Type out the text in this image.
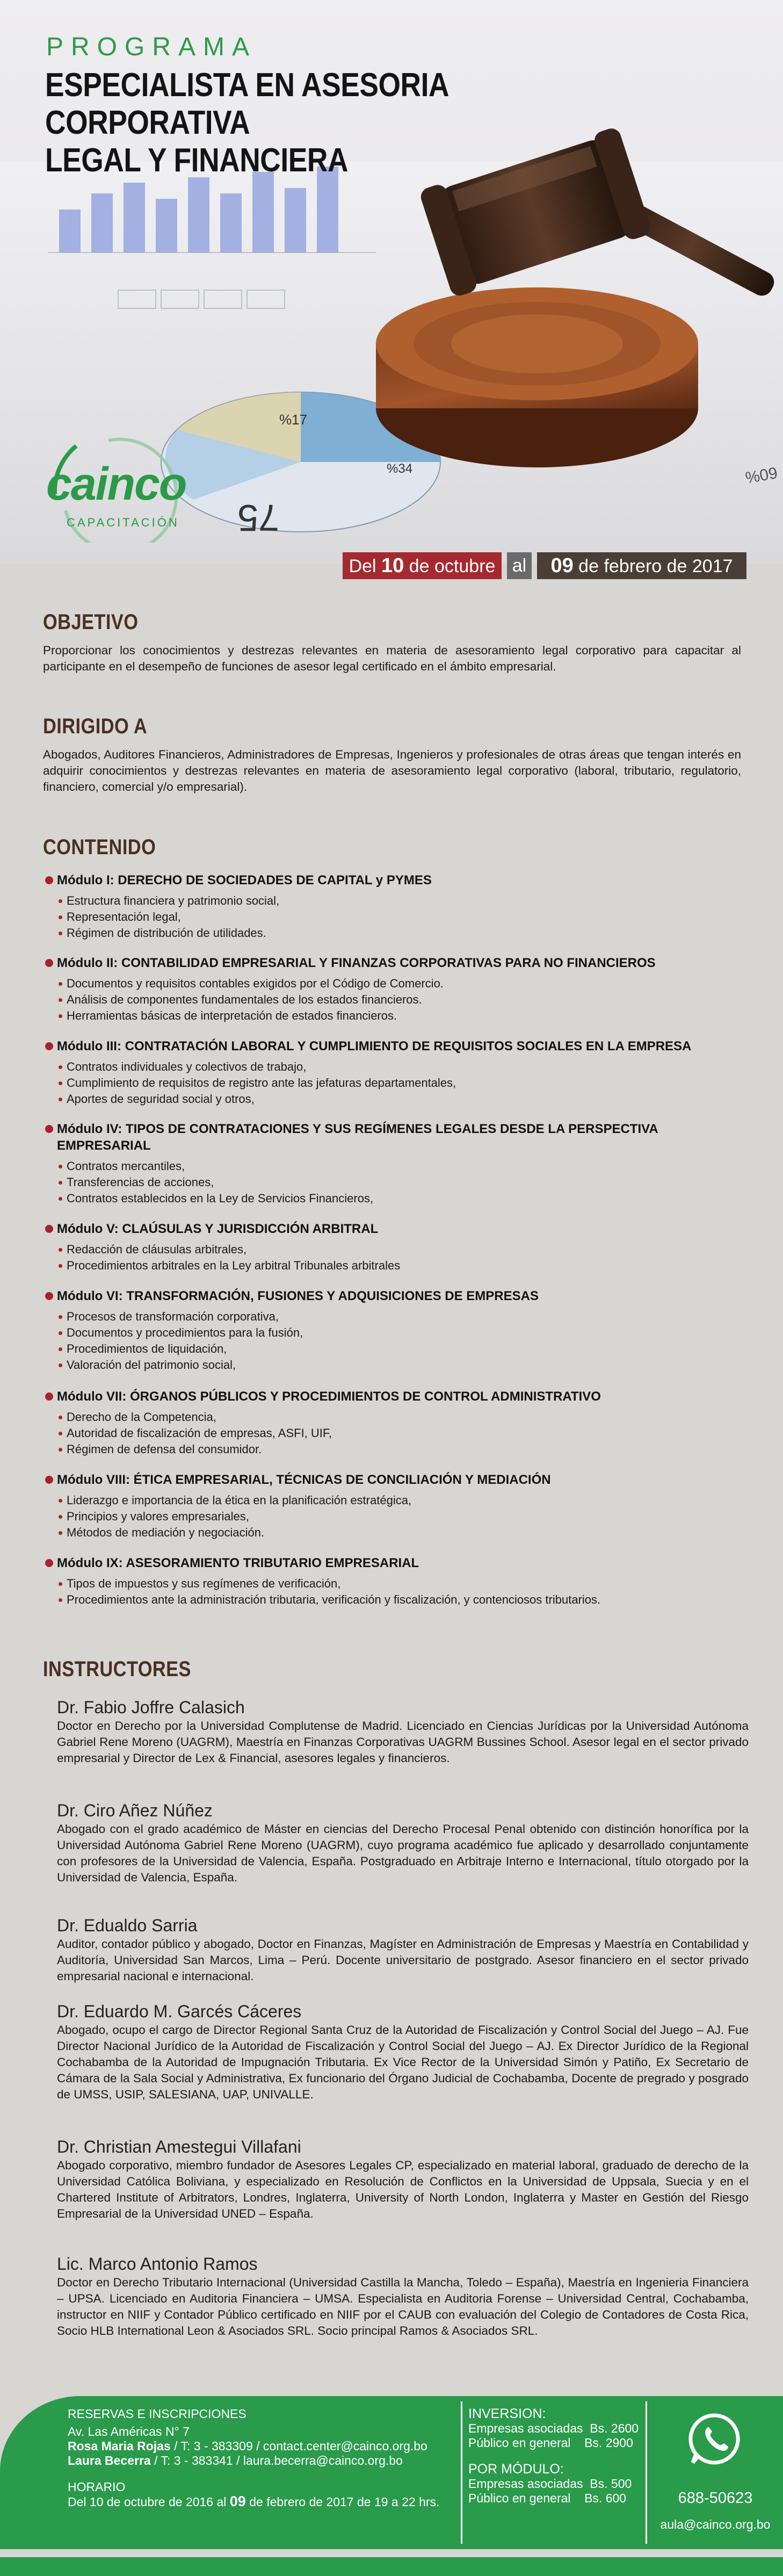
%17
%34
75
%09
PROGRAMA
ESPECIALISTA EN ASESORIA CORPORATIVA
LEGAL Y FINANCIERA
cainco
CAPACITACIÓN
Del 10 de octubre al	09 de febrero de 2017
OBJETIVO
Proporcionar los conocimientos y destrezas relevantes en materia de asesoramiento legal corporativo para capacitar al participante en el desempeño de funciones de asesor legal certificado en el ámbito empresarial.
DIRIGIDO A
Abogados, Auditores Financieros, Administradores de Empresas, Ingenieros y profesionales de otras áreas que tengan interés en adquirir conocimientos y destrezas relevantes en materia de asesoramiento legal corporativo (laboral, tributario, regulatorio, financiero, comercial y/o empresarial).
CONTENIDO
Módulo I: DERECHO DE SOCIEDADES DE CAPITAL y PYMES
Estructura financiera y patrimonio social,
Representación legal,
Régimen de distribución de utilidades.
Módulo II: CONTABILIDAD EMPRESARIAL Y FINANZAS CORPORATIVAS PARA NO FINANCIEROS
Documentos y requisitos contables exigidos por el Código de Comercio.
Análisis de componentes fundamentales de los estados financieros.
Herramientas básicas de interpretación de estados financieros.
Módulo III: CONTRATACIÓN LABORAL Y CUMPLIMIENTO DE REQUISITOS SOCIALES EN LA EMPRESA
Contratos individuales y colectivos de trabajo,
Cumplimiento de requisitos de registro ante las jefaturas departamentales,
Aportes de seguridad social y otros,
Módulo IV: TIPOS DE CONTRATACIONES Y SUS REGÍMENES LEGALES DESDE LA PERSPECTIVA EMPRESARIAL
Contratos mercantiles,
Transferencias de acciones,
Contratos establecidos en la Ley de Servicios Financieros,
Módulo V: CLAÚSULAS Y JURISDICCIÓN ARBITRAL
Redacción de cláusulas arbitrales,
Procedimientos arbitrales en la Ley arbitral Tribunales arbitrales
Módulo VI: TRANSFORMACIÓN, FUSIONES Y ADQUISICIONES DE EMPRESAS
Procesos de transformación corporativa,
Documentos y procedimientos para la fusión,
Procedimientos de liquidación,
Valoración del patrimonio social,
Módulo VII: ÓRGANOS PÚBLICOS Y PROCEDIMIENTOS DE CONTROL ADMINISTRATIVO
Derecho de la Competencia,
Autoridad de fiscalización de empresas, ASFI, UIF,
Régimen de defensa del consumidor.
Módulo VIII: ÉTICA EMPRESARIAL, TÉCNICAS DE CONCILIACIÓN Y MEDIACIÓN
Liderazgo e importancia de la ética en la planificación estratégica,
Principios y valores empresariales,
Métodos de mediación y negociación.
Módulo IX: ASESORAMIENTO TRIBUTARIO EMPRESARIAL
Tipos de impuestos y sus regímenes de verificación,
Procedimientos ante la administración tributaria, verificación y fiscalización, y contenciosos tributarios.
INSTRUCTORES
Dr. Fabio Joffre Calasich
Doctor en Derecho por la Universidad Complutense de Madrid. Licenciado en Ciencias Jurídicas por la Universidad Autónoma Gabriel Rene Moreno (UAGRM), Maestría en Finanzas Corporativas UAGRM Bussines School. Asesor legal en el sector privado empresarial y Director de Lex & Financial, asesores legales y financieros.
Dr. Ciro Añez Núñez
Abogado con el grado académico de Máster en ciencias del Derecho Procesal Penal obtenido con distinción honorífica por la Universidad Autónoma Gabriel Rene Moreno (UAGRM), cuyo programa académico fue aplicado y desarrollado conjuntamente con profesores de la Universidad de Valencia, España. Postgraduado en Arbitraje Interno e Internacional, título otorgado por la Universidad de Valencia, España.
Dr. Edualdo Sarria
Auditor, contador público y abogado, Doctor en Finanzas, Magíster en Administración de Empresas y Maestría en Contabilidad y Auditoría, Universidad San Marcos, Lima – Perú. Docente universitario de postgrado. Asesor financiero en el sector privado empresarial nacional e internacional.
Dr. Eduardo M. Garcés Cáceres
Abogado, ocupo el cargo de Director Regional Santa Cruz de la Autoridad de Fiscalización y Control Social del Juego – AJ. Fue Director Nacional Jurídico de la Autoridad de Fiscalización y Control Social del Juego – AJ. Ex Director Jurídico de la Regional Cochabamba de la Autoridad de Impugnación Tributaria. Ex Vice Rector de la Universidad Simón y Patiño, Ex Secretario de Cámara de la Sala Social y Administrativa, Ex funcionario del Órgano Judicial de Cochabamba, Docente de pregrado y posgrado de UMSS, USIP, SALESIANA, UAP, UNIVALLE.
Dr. Christian Amestegui Villafani
Abogado corporativo, miembro fundador de Asesores Legales CP, especializado en material laboral, graduado de derecho de la Universidad Católica Boliviana, y especializado en Resolución de Conflictos en la Universidad de Uppsala, Suecia y en el Chartered Institute of Arbitrators, Londres, Inglaterra, University of North London, Inglaterra y Master en Gestión del Riesgo Empresarial de la Universidad UNED – España.
Lic. Marco Antonio Ramos
Doctor en Derecho Tributario Internacional (Universidad Castilla la Mancha, Toledo – España), Maestría en Ingenieria Financiera – UPSA. Licenciado en Auditoria Financiera – UMSA. Especialista en Auditoria Forense – Universidad Central, Cochabamba, instructor en NIIF y Contador Público certificado en NIIF por el CAUB con evaluación del Colegio de Contadores de Costa Rica, Socio HLB International Leon & Asociados SRL. Socio principal Ramos & Asociados SRL.
RESERVAS E INSCRIPCIONES
Av. Las Américas N° 7
Rosa Maria Rojas / T: 3 - 383309 / contact.center@cainco.org.bo
Laura Becerra / T: 3 - 383341 / laura.becerra@cainco.org.bo
HORARIO
Del 10 de octubre de 2016 al 09 de febrero de 2017 de 19 a 22 hrs.
INVERSION:
Empresas asociadas Bs. 2600
Público en general Bs. 2900
POR MÓDULO:
Empresas asociadas Bs. 500
Público en general Bs. 600	688-50623
aula@cainco.org.bo
